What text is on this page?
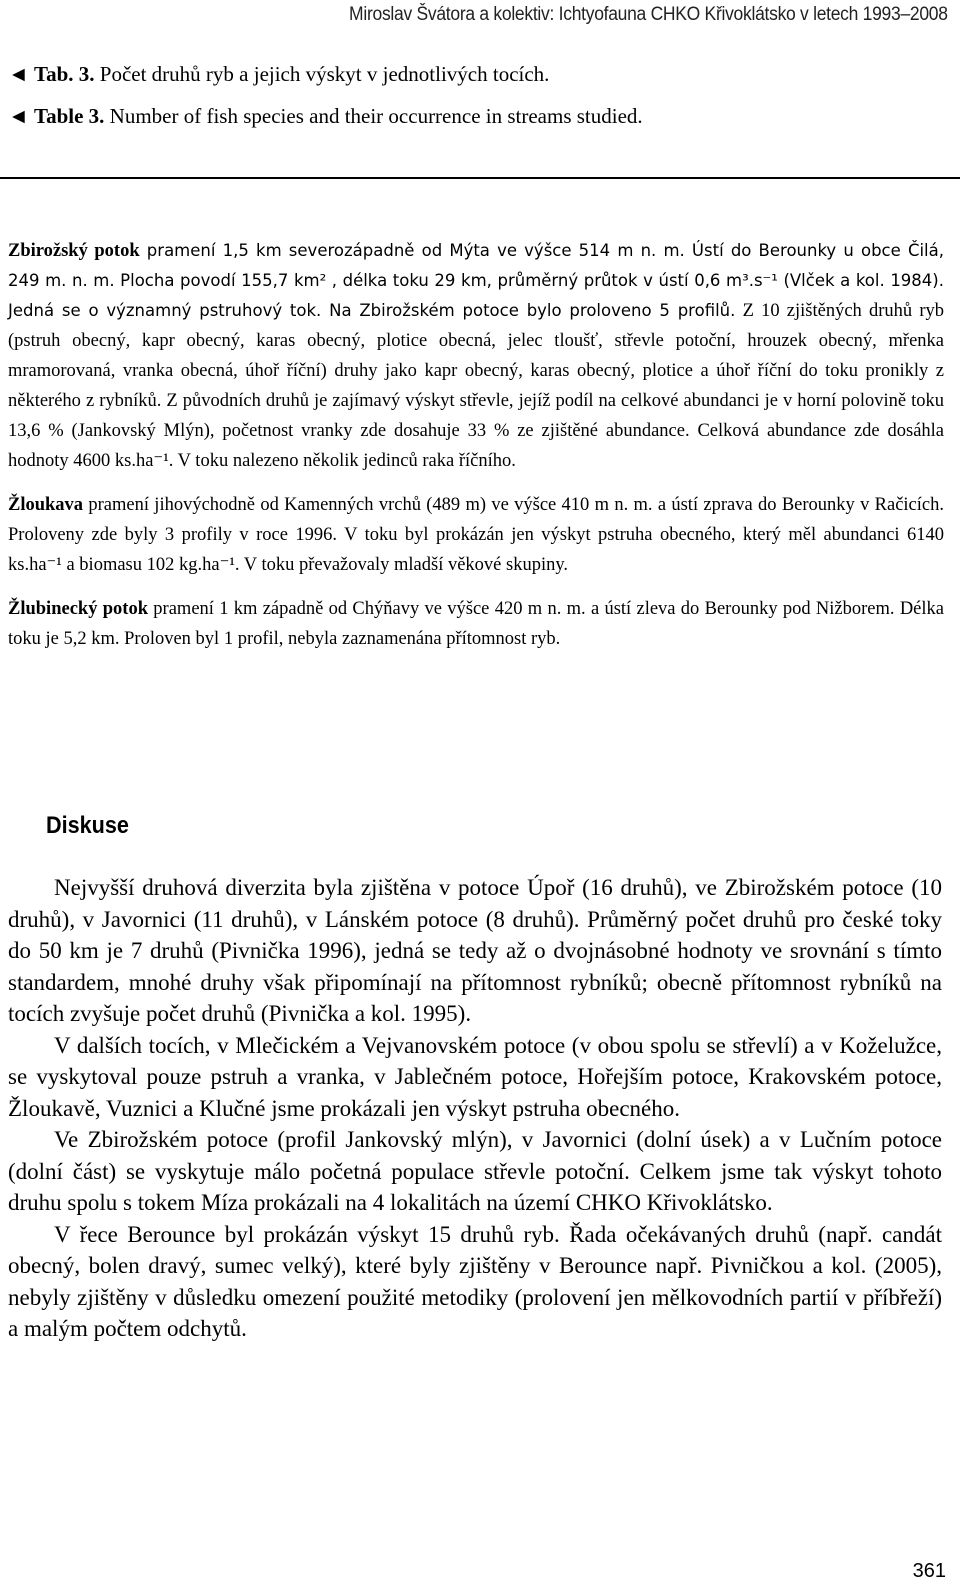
Miroslav Švátora a kolektiv: Ichtyofauna CHKO Křivoklátsko v letech 1993–2008
◄ Tab. 3. Počet druhů ryb a jejich výskyt v jednotlivých tocích.
◄ Table 3. Number of fish species and their occurrence in streams studied.

Zbirožský potok pramení 1,5 km severozápadně od Mýta ve výšce 514 m n. m. Ústí do Berounky u obce Čilá, 249 m. n. m. Plocha povodí 155,7 km² , délka toku 29 km, průměrný průtok v ústí 0,6 m³.s⁻¹ (Vlček a kol. 1984). Jedná se o významný pstruhový tok. Na Zbirožském potoce bylo proloveno 5 profilů. Z 10 zjištěných druhů ryb (pstruh obecný, kapr obecný, karas obecný, plotice obecná, jelec tloušť, střevle potoční, hrouzek obecný, mřenka mramorovaná, vranka obecná, úhoř říční) druhy jako kapr obecný, karas obecný, plotice a úhoř říční do toku pronikly z některého z rybníků. Z původních druhů je zajímavý výskyt střevle, jejíž podíl na celkové abundanci je v horní polovině toku 13,6 % (Jankovský Mlýn), početnost vranky zde dosahuje 33 % ze zjištěné abundance. Celková abundance zde dosáhla hodnoty 4600 ks.ha⁻¹. V toku nalezeno několik jedinců raka říčního.

Žloukava pramení jihovýchodně od Kamenných vrchů (489 m) ve výšce 410 m n. m. a ústí zprava do Berounky v Račicích. Proloveny zde byly 3 profily v roce 1996. V toku byl prokázán jen výskyt pstruha obecného, který měl abundanci 6140 ks.ha⁻¹ a biomasu 102 kg.ha⁻¹. V toku převažovaly mladší věkové skupiny.

Žlubinecký potok pramení 1 km západně od Chýňavy ve výšce 420 m n. m. a ústí zleva do Berounky pod Nižborem. Délka toku je 5,2 km. Proloven byl 1 profil, nebyla zaznamenána přítomnost ryb.

Diskuse

Nejvyšší druhová diverzita byla zjištěna v potoce Úpoř (16 druhů), ve Zbirožském potoce (10 druhů), v Javornici (11 druhů), v Lánském potoce (8 druhů). Průměrný počet druhů pro české toky do 50 km je 7 druhů (Pivnička 1996), jedná se tedy až o dvojnásobné hodnoty ve srovnání s tímto standardem, mnohé druhy však připomínají na přítomnost rybníků; obecně přítomnost rybníků na tocích zvyšuje počet druhů (Pivnička a kol. 1995).

V dalších tocích, v Mlečickém a Vejvanovském potoce (v obou spolu se střevlí) a v Koželužce, se vyskytoval pouze pstruh a vranka, v Jablečném potoce, Hořejším potoce, Krakovském potoce, Žloukavě, Vuznici a Klučné jsme prokázali jen výskyt pstruha obecného.

Ve Zbirožském potoce (profil Jankovský mlýn), v Javornici (dolní úsek) a v Lučním potoce (dolní část) se vyskytuje málo početná populace střevle potoční. Celkem jsme tak výskyt tohoto druhu spolu s tokem Míza prokázali na 4 lokalitách na území CHKO Křivoklátsko.

V řece Berounce byl prokázán výskyt 15 druhů ryb. Řada očekávaných druhů (např. candát obecný, bolen dravý, sumec velký), které byly zjištěny v Berounce např. Pivničkou a kol. (2005), nebyly zjištěny v důsledku omezení použité metodiky (prolovení jen mělkovodních partií v příbřeží) a malým počtem odchytů.

361
